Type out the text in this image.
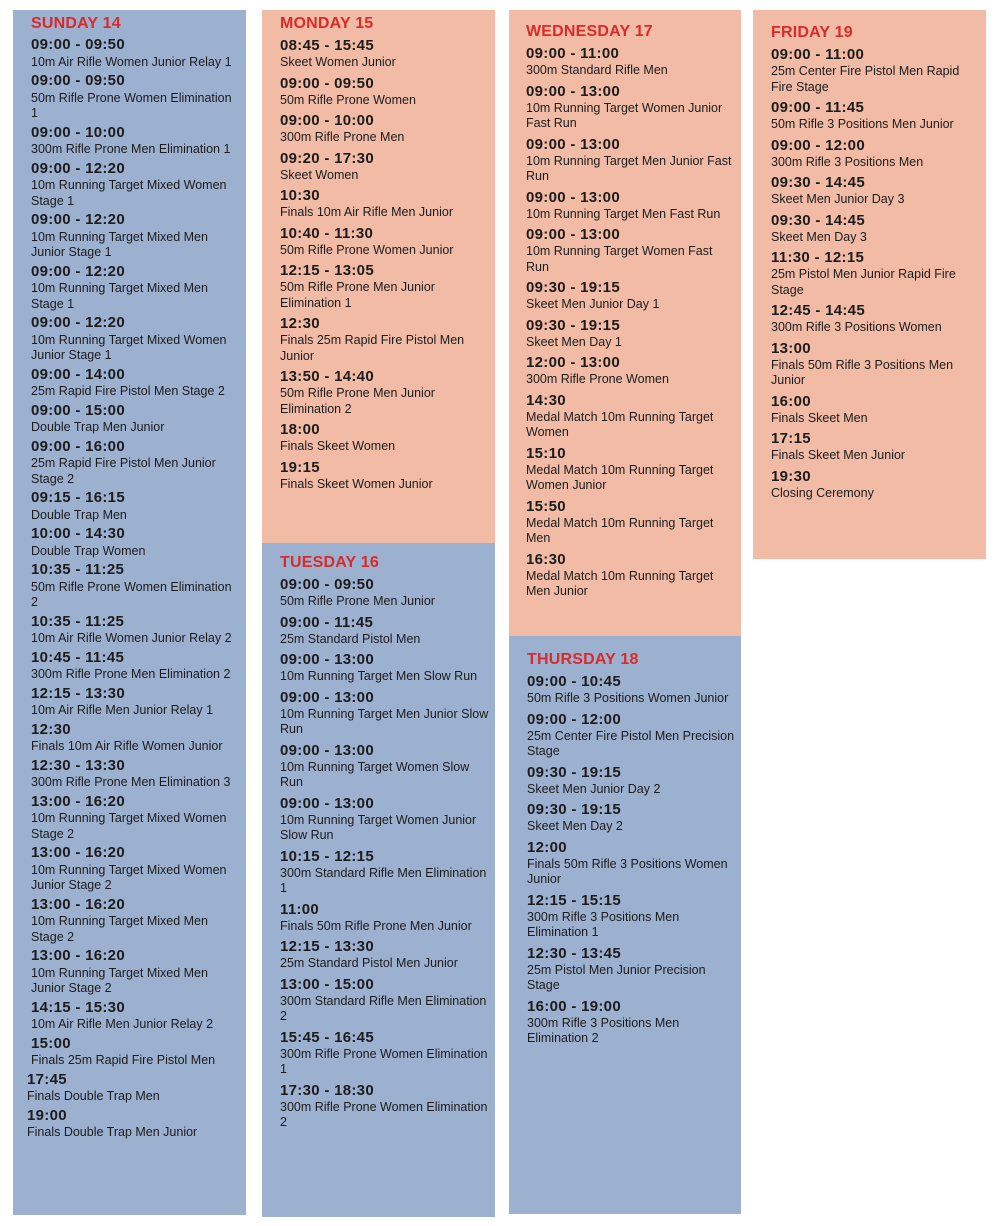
SUNDAY 14
09:00 - 09:50
10m Air Rifle Women Junior Relay 1
09:00 - 09:50
50m Rifle Prone Women Elimination 1
09:00 - 10:00
300m Rifle Prone Men Elimination 1
09:00 - 12:20
10m Running Target Mixed Women Stage 1
09:00 - 12:20
10m Running Target Mixed Men Junior Stage 1
09:00 - 12:20
10m Running Target Mixed Men Stage 1
09:00 - 12:20
10m Running Target Mixed Women Junior Stage 1
09:00 - 14:00
25m Rapid Fire Pistol Men Stage 2
09:00 - 15:00
Double Trap Men Junior
09:00 - 16:00
25m Rapid Fire Pistol Men Junior Stage 2
09:15 - 16:15
Double Trap Men
10:00 - 14:30
Double Trap Women
10:35 - 11:25
50m Rifle Prone Women Elimination 2
10:35 - 11:25
10m Air Rifle Women Junior Relay 2
10:45 - 11:45
300m Rifle Prone Men Elimination 2
12:15 - 13:30
10m Air Rifle Men Junior Relay 1
12:30
Finals 10m Air Rifle Women Junior
12:30 - 13:30
300m Rifle Prone Men Elimination 3
13:00 - 16:20
10m Running Target Mixed Women Stage 2
13:00 - 16:20
10m Running Target Mixed Women Junior Stage 2
13:00 - 16:20
10m Running Target Mixed Men Stage 2
13:00 - 16:20
10m Running Target Mixed Men Junior Stage 2
14:15 - 15:30
10m Air Rifle Men Junior Relay 2
15:00
Finals 25m Rapid Fire Pistol Men
17:45
Finals Double Trap Men
19:00
Finals Double Trap Men Junior
MONDAY 15
08:45 - 15:45
Skeet Women Junior
09:00 - 09:50
50m Rifle Prone Women
09:00 - 10:00
300m Rifle Prone Men
09:20 - 17:30
Skeet Women
10:30
Finals 10m Air Rifle Men Junior
10:40 - 11:30
50m Rifle Prone Women Junior
12:15 - 13:05
50m Rifle Prone Men Junior Elimination 1
12:30
Finals 25m Rapid Fire Pistol Men Junior
13:50 - 14:40
50m Rifle Prone Men Junior Elimination 2
18:00
Finals Skeet Women
19:15
Finals Skeet Women Junior
TUESDAY 16
09:00 - 09:50
50m Rifle Prone Men Junior
09:00 - 11:45
25m Standard Pistol Men
09:00 - 13:00
10m Running Target Men Slow Run
09:00 - 13:00
10m Running Target Men Junior Slow Run
09:00 - 13:00
10m Running Target Women Slow Run
09:00 - 13:00
10m Running Target Women Junior Slow Run
10:15 - 12:15
300m Standard Rifle Men Elimination 1
11:00
Finals 50m Rifle Prone Men Junior
12:15 - 13:30
25m Standard Pistol Men Junior
13:00 - 15:00
300m Standard Rifle Men Elimination 2
15:45 - 16:45
300m Rifle Prone Women Elimination 1
17:30 - 18:30
300m Rifle Prone Women Elimination 2
WEDNESDAY 17
09:00 - 11:00
300m Standard Rifle Men
09:00 - 13:00
10m Running Target Women Junior Fast Run
09:00 - 13:00
10m Running Target Men Junior Fast Run
09:00 - 13:00
10m Running Target Men Fast Run
09:00 - 13:00
10m Running Target Women Fast Run
09:30 - 19:15
Skeet Men Junior Day 1
09:30 - 19:15
Skeet Men Day 1
12:00 - 13:00
300m Rifle Prone Women
14:30
Medal Match 10m Running Target Women
15:10
Medal Match 10m Running Target Women Junior
15:50
Medal Match 10m Running Target Men
16:30
Medal Match 10m Running Target Men Junior
THURSDAY 18
09:00 - 10:45
50m Rifle 3 Positions Women Junior
09:00 - 12:00
25m Center Fire Pistol Men Precision Stage
09:30 - 19:15
Skeet Men Junior Day 2
09:30 - 19:15
Skeet Men Day 2
12:00
Finals 50m Rifle 3 Positions Women Junior
12:15 - 15:15
300m Rifle 3 Positions Men Elimination 1
12:30 - 13:45
25m Pistol Men Junior Precision Stage
16:00 - 19:00
300m Rifle 3 Positions Men Elimination 2
FRIDAY 19
09:00 - 11:00
25m Center Fire Pistol Men Rapid Fire Stage
09:00 - 11:45
50m Rifle 3 Positions Men Junior
09:00 - 12:00
300m Rifle 3 Positions Men
09:30 - 14:45
Skeet Men Junior Day 3
09:30 - 14:45
Skeet Men Day 3
11:30 - 12:15
25m Pistol Men Junior Rapid Fire Stage
12:45 - 14:45
300m Rifle 3 Positions Women
13:00
Finals 50m Rifle 3 Positions Men Junior
16:00
Finals Skeet Men
17:15
Finals Skeet Men Junior
19:30
Closing Ceremony
